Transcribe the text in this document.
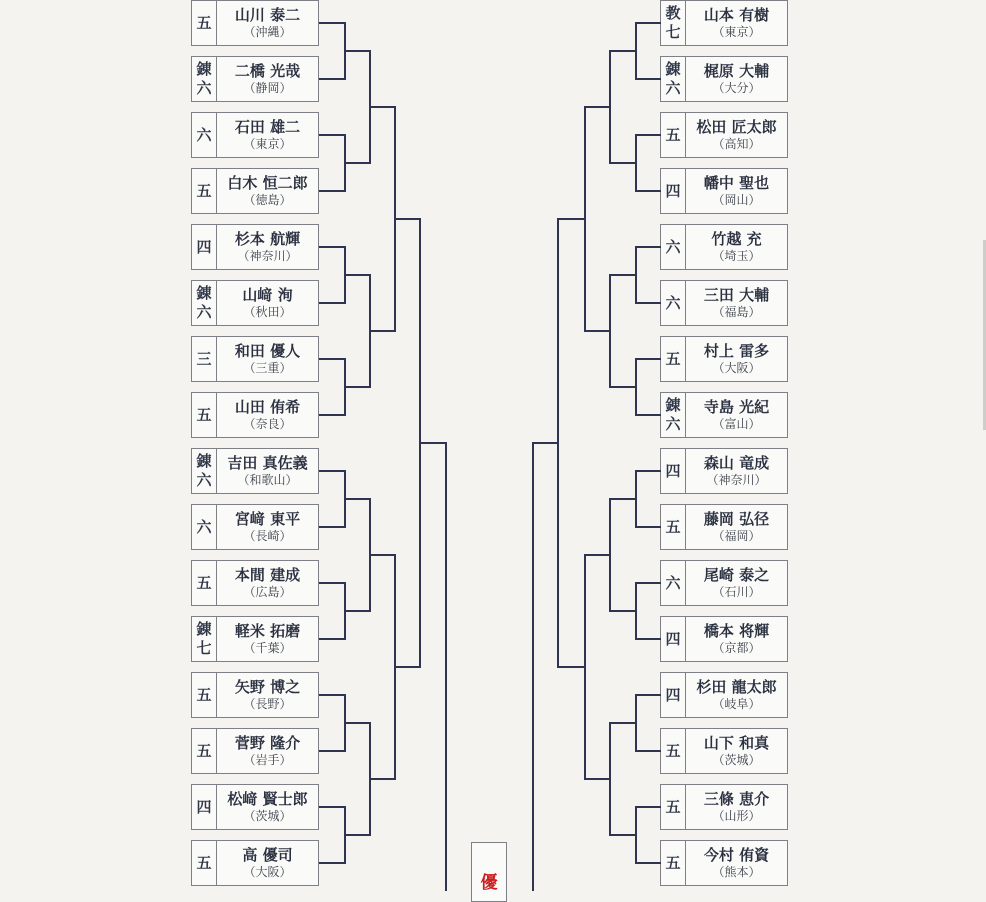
優
五 山川 泰二
（沖縄）
錬
六
二橋 光哉
（静岡）
六 石田 雄二
（東京）
五 白木 恒二郎
（徳島）
四 杉本 航輝
（神奈川）
錬
六
山﨑 洵
（秋田）
三 和田 優人
（三重）
五 山田 侑希
（奈良）
錬
六
吉田 真佐義
（和歌山）
六 宮﨑 東平
（長崎）
五 本間 建成
（広島）
錬
七
軽米 拓磨
（千葉）
五 矢野 博之
（長野）
五 菅野 隆介
（岩手）
四 松﨑 賢士郎
（茨城）
五 高 優司
（大阪）
教
七
山本 有樹
（東京）
錬
六
梶原 大輔
（大分）
五 松田 匠太郎
（高知）
四 幡中 聖也
（岡山）
六 竹越 充
（埼玉）
六 三田 大輔
（福島）
五 村上 雷多
（大阪）
錬
六
寺島 光紀
（富山）
四 森山 竜成
（神奈川）
五 藤岡 弘径
（福岡）
六 尾崎 泰之
（石川）
四 橋本 将輝
（京都）
四 杉田 龍太郎
（岐阜）
五 山下 和真
（茨城）
五 三條 恵介
（山形）
五 今村 侑資
（熊本）
